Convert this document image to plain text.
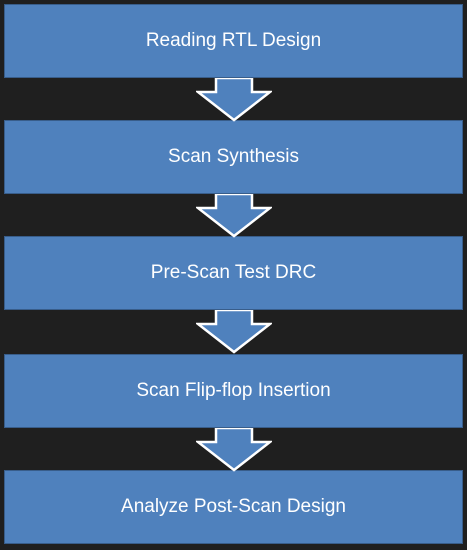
Reading RTL Design
Scan Synthesis
Pre-Scan Test DRC
Scan Flip-flop Insertion
Analyze Post-Scan Design
